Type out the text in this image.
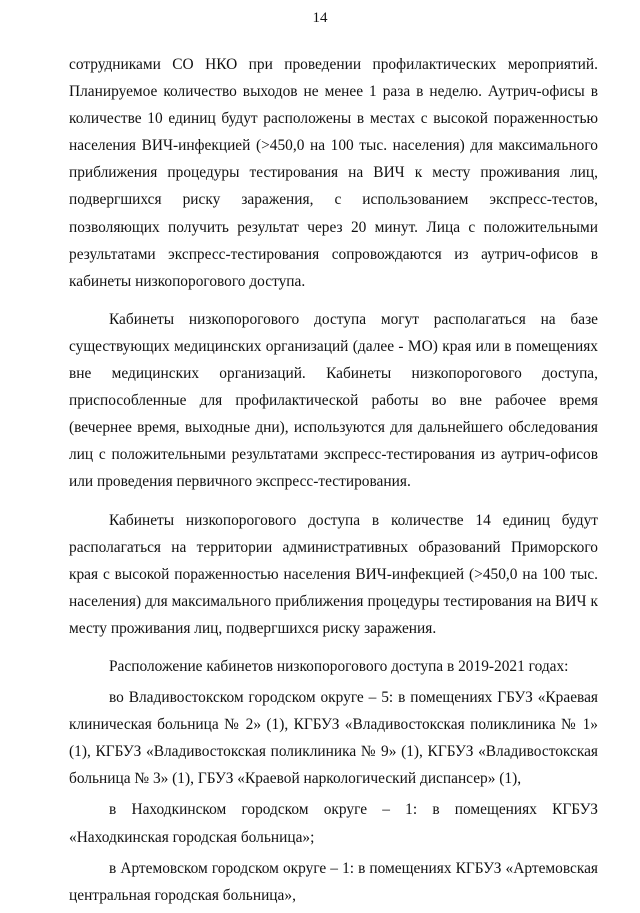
14

сотрудниками СО НКО при проведении профилактических мероприятий. Планируемое количество выходов не менее 1 раза в неделю. Аутрич-офисы в количестве 10 единиц будут расположены в местах с высокой пораженностью населения ВИЧ-инфекцией (>450,0 на 100 тыс. населения) для максимального приближения процедуры тестирования на ВИЧ к месту проживания лиц, подвергшихся риску заражения, с использованием экспресс-тестов, позволяющих получить результат через 20 минут. Лица с положительными результатами экспресс-тестирования сопровождаются из аутрич-офисов в кабинеты низкопорогового доступа.

Кабинеты низкопорогового доступа могут располагаться на базе существующих медицинских организаций (далее - МО) края или в помещениях вне медицинских организаций. Кабинеты низкопорогового доступа, приспособленные для профилактической работы во вне рабочее время (вечернее время, выходные дни), используются для дальнейшего обследования лиц с положительными результатами экспресс-тестирования из аутрич-офисов или проведения первичного экспресс-тестирования.

Кабинеты низкопорогового доступа в количестве 14 единиц будут располагаться на территории административных образований Приморского края с высокой пораженностью населения ВИЧ-инфекцией (>450,0 на 100 тыс. населения) для максимального приближения процедуры тестирования на ВИЧ к месту проживания лиц, подвергшихся риску заражения.

Расположение кабинетов низкопорогового доступа в 2019-2021 годах:

во Владивостокском городском округе – 5: в помещениях ГБУЗ «Краевая клиническая больница № 2» (1), КГБУЗ «Владивостокская поликлиника № 1» (1), КГБУЗ «Владивостокская поликлиника № 9» (1), КГБУЗ «Владивостокская больница № 3» (1), ГБУЗ «Краевой наркологический диспансер» (1),

в Находкинском городском округе – 1: в помещениях КГБУЗ «Находкинская городская больница»;

в Артемовском городском округе – 1: в помещениях КГБУЗ «Артемовская центральная городская больница»,
